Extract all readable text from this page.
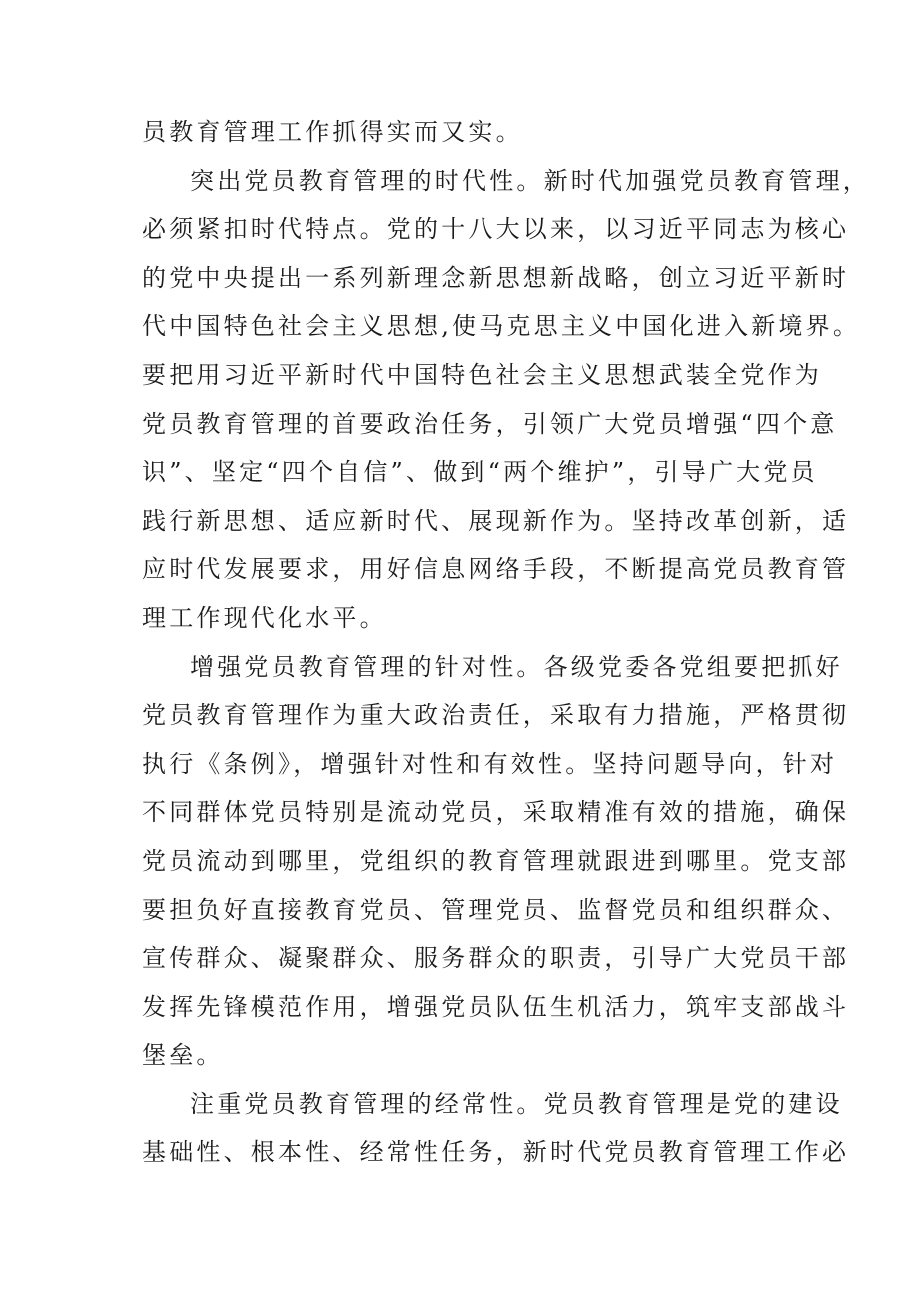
员教育管理工作抓得实而又实。
突出党员教育管理的时代性。新时代加强党员教育管理，
必须紧扣时代特点。党的十八大以来，以习近平同志为核心
的党中央提出一系列新理念新思想新战略，创立习近平新时
代中国特色社会主义思想,使马克思主义中国化进入新境界。
要把用习近平新时代中国特色社会主义思想武装全党作为
党员教育管理的首要政治任务，引领广大党员增强“四个意
识”、坚定“四个自信”、做到“两个维护”，引导广大党员
践行新思想、适应新时代、展现新作为。坚持改革创新，适
应时代发展要求，用好信息网络手段，不断提高党员教育管
理工作现代化水平。
增强党员教育管理的针对性。各级党委各党组要把抓好
党员教育管理作为重大政治责任，采取有力措施，严格贯彻
执行《条例》，增强针对性和有效性。坚持问题导向，针对
不同群体党员特别是流动党员，采取精准有效的措施，确保
党员流动到哪里，党组织的教育管理就跟进到哪里。党支部
要担负好直接教育党员、管理党员、监督党员和组织群众、
宣传群众、凝聚群众、服务群众的职责，引导广大党员干部
发挥先锋模范作用，增强党员队伍生机活力，筑牢支部战斗
堡垒。
注重党员教育管理的经常性。党员教育管理是党的建设
基础性、根本性、经常性任务，新时代党员教育管理工作必
